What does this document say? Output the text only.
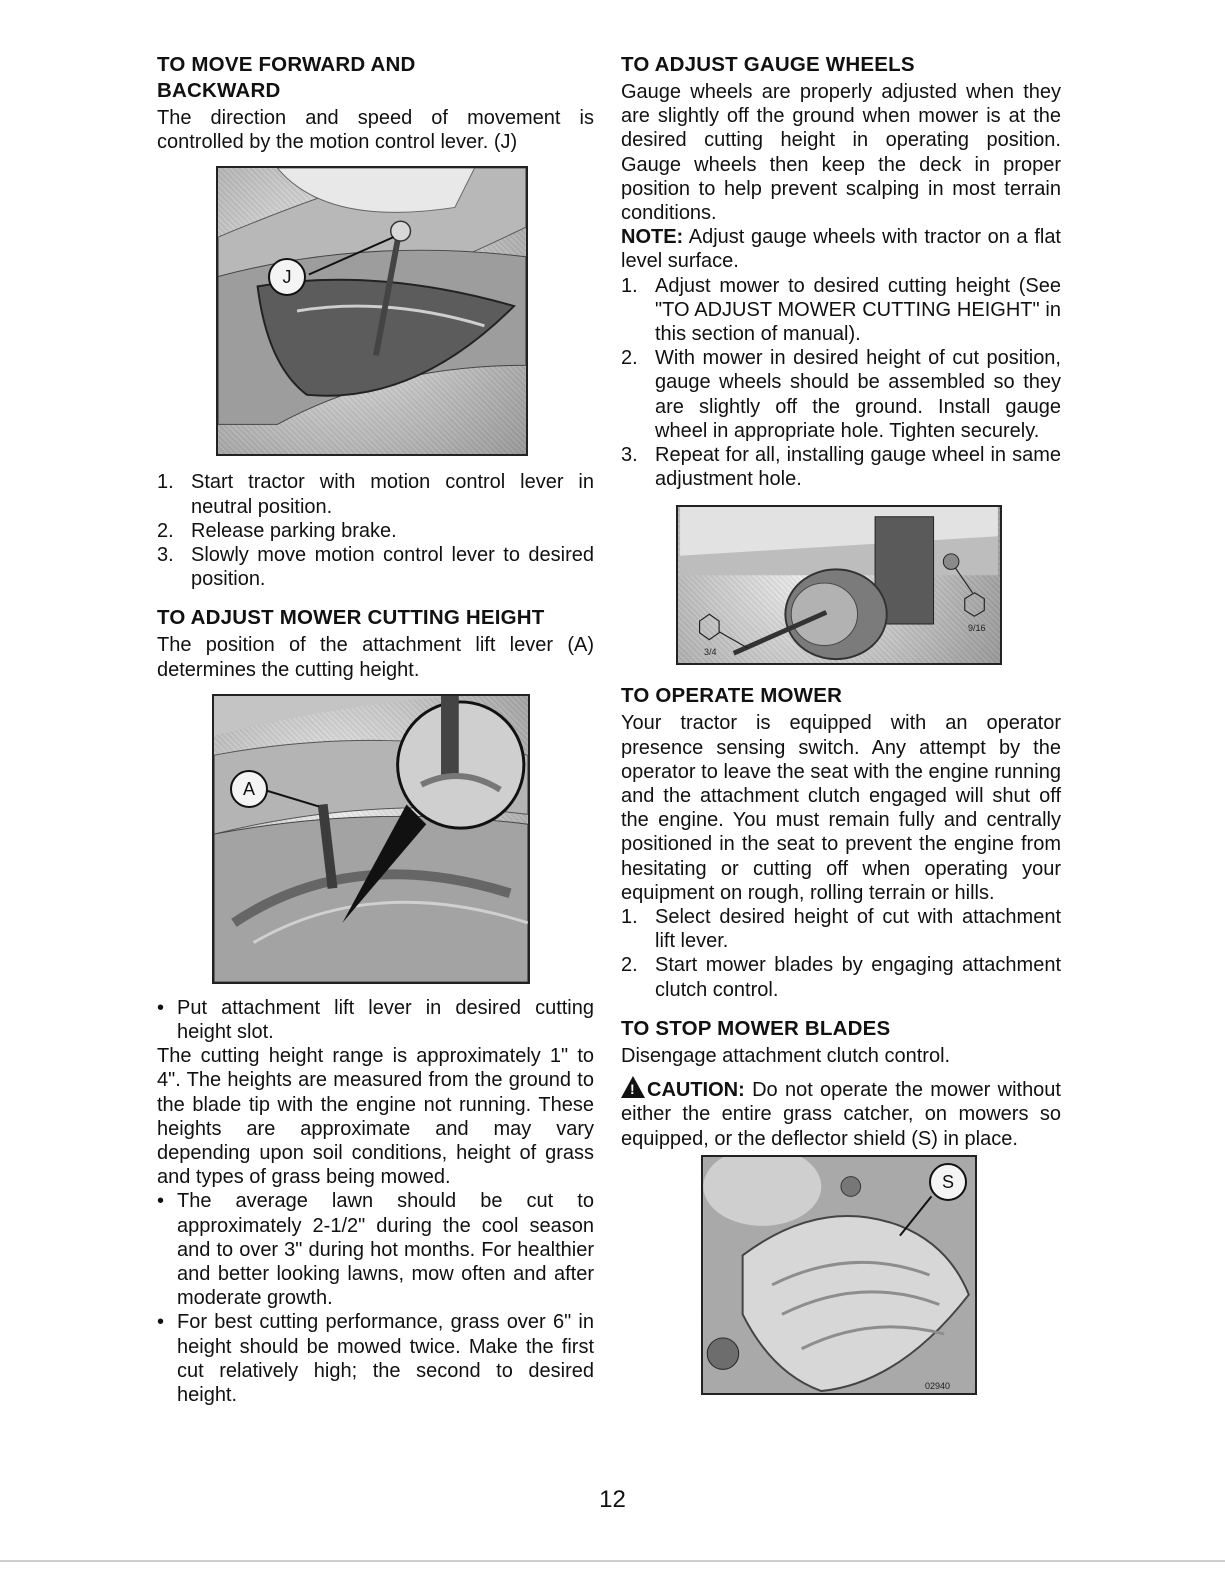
TO MOVE FORWARD AND
BACKWARD

The direction and speed of movement is controlled by the motion control lever. (J)

J
1. Start tractor with motion control lever in neutral position.
2. Release parking brake.
3. Slowly move motion control lever to desired position.
TO ADJUST MOWER CUTTING HEIGHT

The position of the attachment lift lever (A) determines the cutting height.

A
• Put attachment lift lever in desired cutting height slot.

The cutting height range is approximately 1" to 4". The heights are measured from the ground to the blade tip with the engine not running. These heights are approximate and may vary depending upon soil conditions, height of grass and types of grass being mowed.

• The average lawn should be cut to approximately 2-1/2" during the cool season and to over 3" during hot months. For healthier and better looking lawns, mow often and after moderate growth.
• For best cutting performance, grass over 6" in height should be mowed twice. Make the first cut relatively high; the second to desired height.
TO ADJUST GAUGE WHEELS

Gauge wheels are properly adjusted when they are slightly off the ground when mower is at the desired cutting height in operating position. Gauge wheels then keep the deck in proper position to help prevent scalping in most terrain conditions.

NOTE: Adjust gauge wheels with tractor on a flat level surface.

1. Adjust mower to desired cutting height (See "TO ADJUST MOWER CUTTING HEIGHT" in this section of manual).
2. With mower in desired height of cut position, gauge wheels should be assembled so they are slightly off the ground. Install gauge wheel in appropriate hole. Tighten securely.
3. Repeat for all, installing gauge wheel in same adjustment hole.
9/16
3/4
TO OPERATE MOWER

Your tractor is equipped with an operator presence sensing switch. Any attempt by the operator to leave the seat with the engine running and the attachment clutch engaged will shut off the engine. You must remain fully and centrally positioned in the seat to prevent the engine from hesitating or cutting off when operating your equipment on rough, rolling terrain or hills.

1. Select desired height of cut with attachment lift lever.
2. Start mower blades by engaging attachment clutch control.
TO STOP MOWER BLADES

Disengage attachment clutch control.

!CAUTION: Do not operate the mower without either the entire grass catcher, on mowers so equipped, or the deflector shield (S) in place.

S
02940
12
